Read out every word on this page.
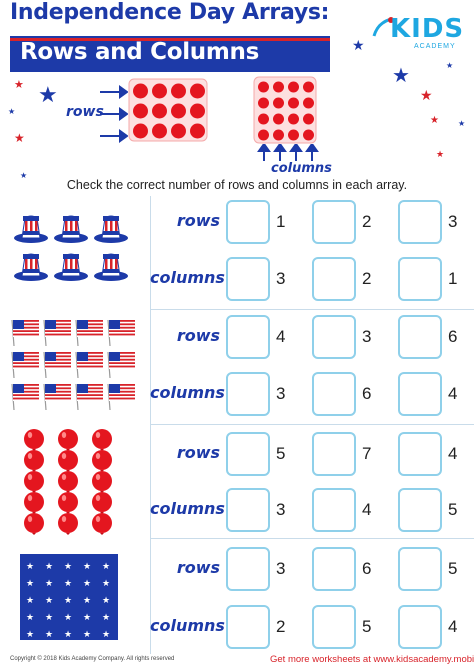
Independence Day Arrays:
Rows and Columns
KIDS
ACADEMY
★ ★
★
★
★
★
★
★
★ ★
★
★
rows
columns
Check the correct number of rows and columns in each array.
★ ★ ★ ★ ★
★ ★ ★ ★ ★
★ ★ ★ ★ ★
★ ★ ★ ★ ★
★ ★ ★ ★ ★
rows	1	2	3
columns	3	2	1
rows	4	3	6
columns	3	6	4
rows	5	7	4
columns	3	4	5
rows	3	6	5
columns	2	5	4
Copyright © 2018 Kids Academy Company. All rights reserved	Get more worksheets at www.kidsacademy.mobi
